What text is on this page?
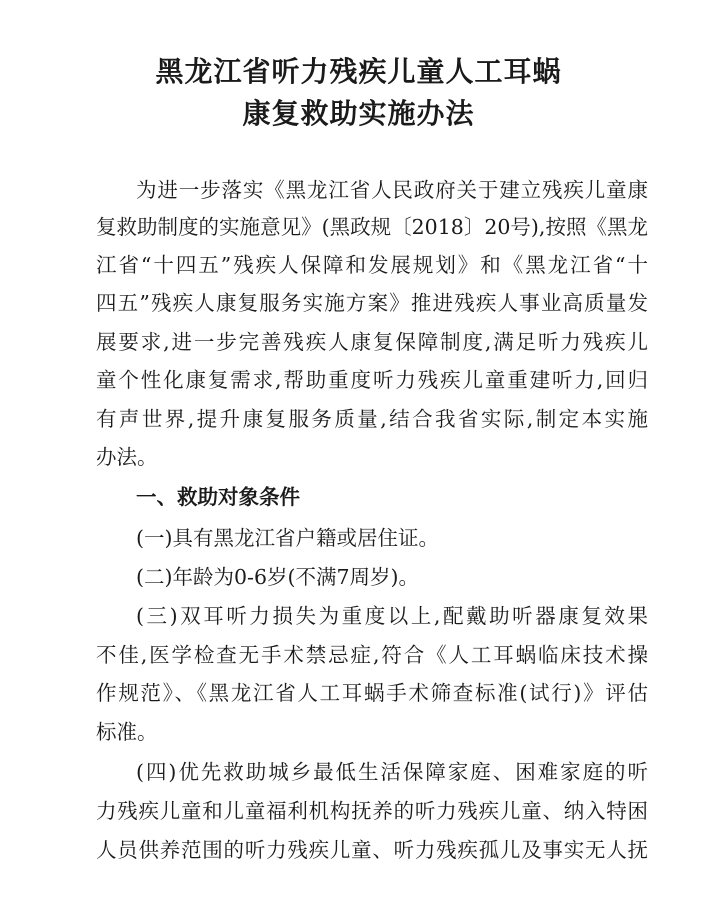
黑龙江省听力残疾儿童人工耳蜗
康复救助实施办法
为进一步落实《黑龙江省人民政府关于建立残疾儿童康
复救助制度的实施意见》(黑政规〔2018〕20号),按照《黑龙
江省“十四五”残疾人保障和发展规划》和《黑龙江省“十
四五”残疾人康复服务实施方案》推进残疾人事业高质量发
展要求,进一步完善残疾人康复保障制度,满足听力残疾儿
童个性化康复需求,帮助重度听力残疾儿童重建听力,回归
有声世界,提升康复服务质量,结合我省实际,制定本实施
办法。
一、救助对象条件
(一)具有黑龙江省户籍或居住证。
(二)年龄为0-6岁(不满7周岁)。
(三)双耳听力损失为重度以上,配戴助听器康复效果
不佳,医学检查无手术禁忌症,符合《人工耳蜗临床技术操
作规范》、《黑龙江省人工耳蜗手术筛查标准(试行)》评估
标准。
(四)优先救助城乡最低生活保障家庭、困难家庭的听
力残疾儿童和儿童福利机构抚养的听力残疾儿童、纳入特困
人员供养范围的听力残疾儿童、听力残疾孤儿及事实无人抚
